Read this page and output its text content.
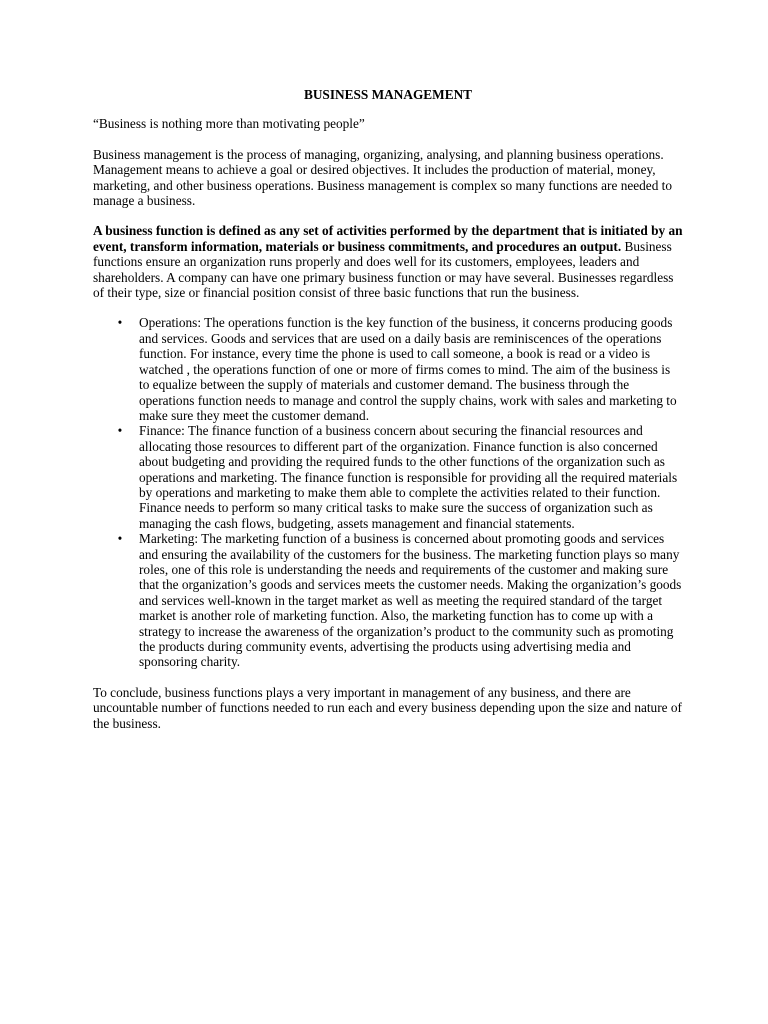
BUSINESS MANAGEMENT

“Business is nothing more than motivating people”

Business management is the process of managing, organizing, analysing, and planning business operations. Management means to achieve a goal or desired objectives. It includes the production of material, money, marketing, and other business operations. Business management is complex so many functions are needed to manage a business.

A business function is defined as any set of activities performed by the department that is initiated by an event, transform information, materials or business commitments, and procedures an output. Business functions ensure an organization runs properly and does well for its customers, employees, leaders and shareholders. A company can have one primary business function or may have several. Businesses regardless of their type, size or financial position consist of three basic functions that run the business.

• Operations: The operations function is the key function of the business, it concerns producing goods and services. Goods and services that are used on a daily basis are reminiscences of the operations function. For instance, every time the phone is used to call someone, a book is read or a video is watched , the operations function of one or more of firms comes to mind. The aim of the business is to equalize between the supply of materials and customer demand. The business through the operations function needs to manage and control the supply chains, work with sales and marketing to make sure they meet the customer demand.
• Finance: The finance function of a business concern about securing the financial resources and allocating those resources to different part of the organization. Finance function is also concerned about budgeting and providing the required funds to the other functions of the organization such as operations and marketing. The finance function is responsible for providing all the required materials by operations and marketing to make them able to complete the activities related to their function. Finance needs to perform so many critical tasks to make sure the success of organization such as managing the cash flows, budgeting, assets management and financial statements.
• Marketing: The marketing function of a business is concerned about promoting goods and services and ensuring the availability of the customers for the business. The marketing function plays so many roles, one of this role is understanding the needs and requirements of the customer and making sure that the organization’s goods and services meets the customer needs. Making the organization’s goods and services well-known in the target market as well as meeting the required standard of the target market is another role of marketing function. Also, the marketing function has to come up with a strategy to increase the awareness of the organization’s product to the community such as promoting the products during community events, advertising the products using advertising media and sponsoring charity.

To conclude, business functions plays a very important in management of any business, and there are uncountable number of functions needed to run each and every business depending upon the size and nature of the business.
